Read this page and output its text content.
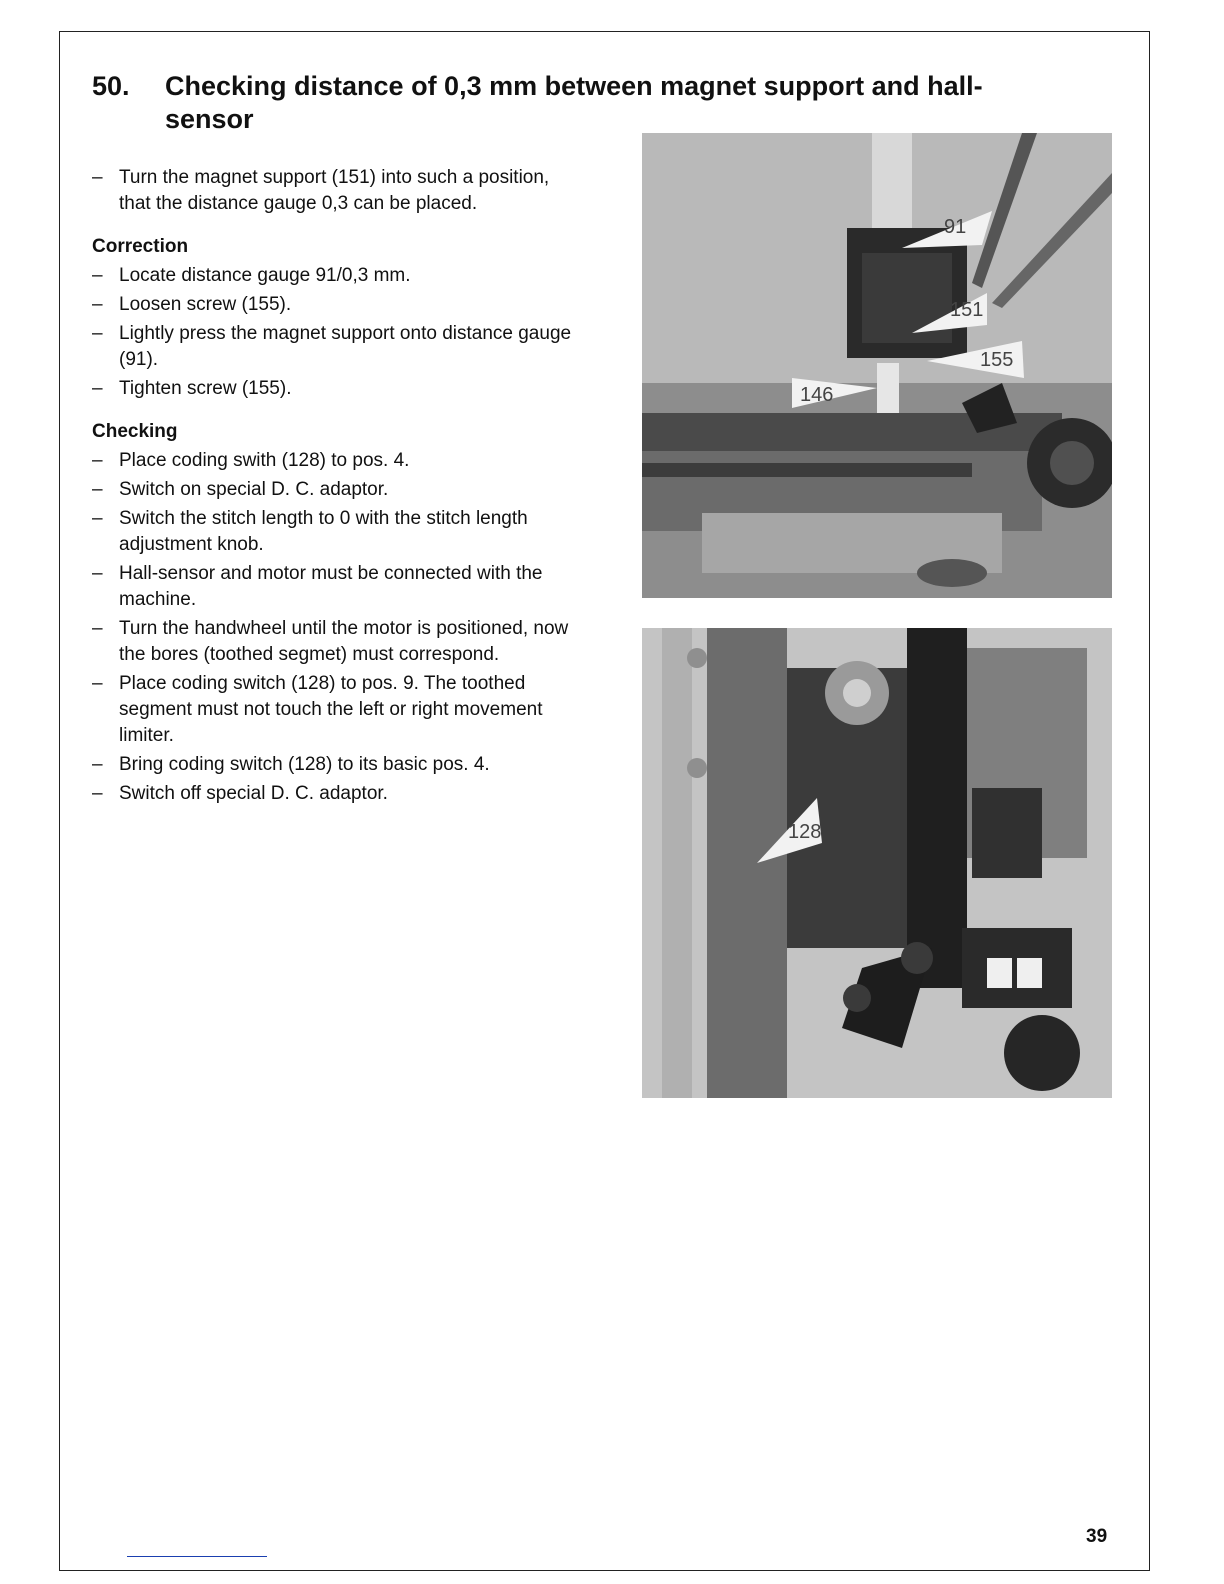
50.	Checking distance of 0,3 mm between magnet support and hall-sensor
– Turn the magnet support (151) into such a position, that the distance gauge 0,3 can be placed.
Correction
– Locate distance gauge 91/0,3 mm.
– Loosen screw (155).
– Lightly press the magnet support onto distance gauge (91).
– Tighten screw (155).
Checking
– Place coding swith (128) to pos. 4.
– Switch on special D. C. adaptor.
– Switch the stitch length to 0 with the stitch length adjustment knob.
– Hall-sensor and motor must be connected with the machine.
– Turn the handwheel until the motor is positioned, now the bores (toothed segmet) must correspond.
– Place coding switch (128) to pos. 9. The toothed segment must not touch the left or right movement limiter.
– Bring coding switch (128) to its basic pos. 4.
– Switch off special D. C. adaptor.
91
151
155
146
128
39
